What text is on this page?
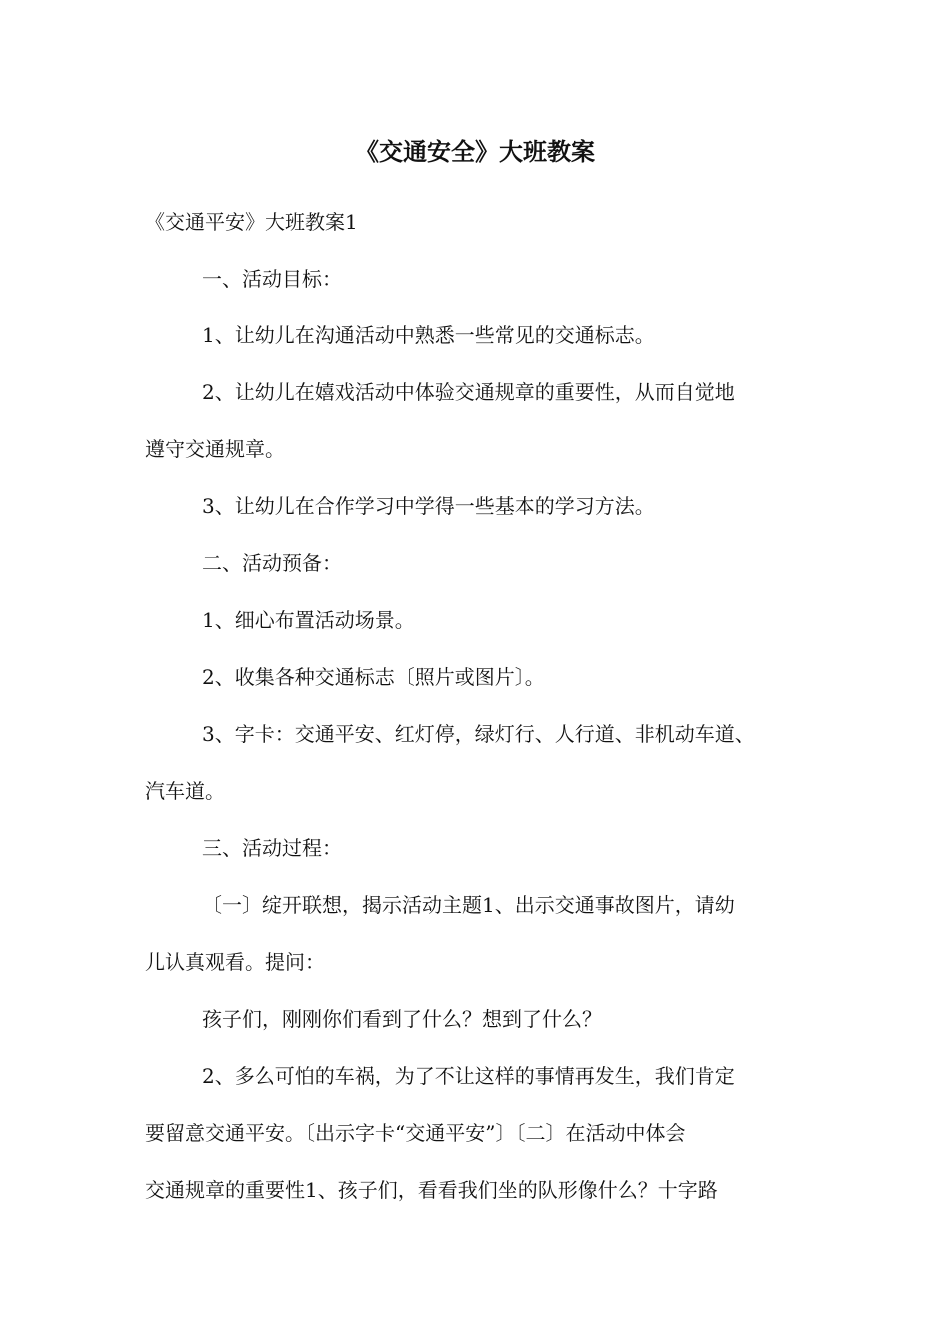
《交通安全》大班教案
《交通平安》大班教案1
一、活动目标：
1、让幼儿在沟通活动中熟悉一些常见的交通标志。
2、让幼儿在嬉戏活动中体验交通规章的重要性，从而自觉地
遵守交通规章。
3、让幼儿在合作学习中学得一些基本的学习方法。
二、活动预备：
1、细心布置活动场景。
2、收集各种交通标志〔照片或图片〕。
3、字卡：交通平安、红灯停，绿灯行、人行道、非机动车道、
汽车道。
三、活动过程：
〔一〕绽开联想，揭示活动主题1、出示交通事故图片，请幼
儿认真观看。提问：
孩子们，刚刚你们看到了什么？想到了什么？
2、多么可怕的车祸，为了不让这样的事情再发生，我们肯定
要留意交通平安。〔出示字卡“交通平安”〕〔二〕在活动中体会
交通规章的重要性1、孩子们，看看我们坐的队形像什么？十字路
